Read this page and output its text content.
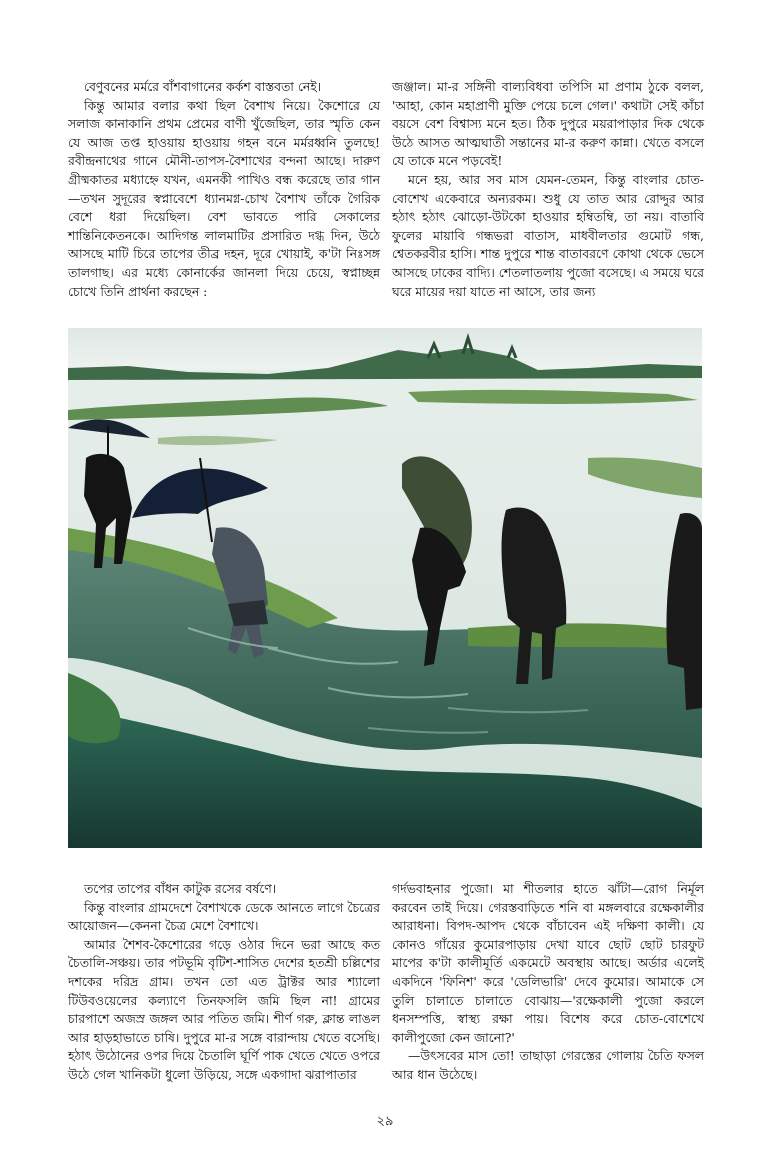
বেণুবনের মর্মরে বাঁশবাগানের কর্কশ বাস্তবতা নেই।

কিন্তু আমার বলার কথা ছিল বৈশাখ নিয়ে। কৈশোরে যে সলাজ কানাকানি প্রথম প্রেমের বাণী খুঁজেছিল, তার স্মৃতি কেন যে আজ তপ্ত হাওয়ায় হাওয়ায় গহন বনে মর্মরধ্বনি তুলছে! রবীন্দ্রনাথের গানে মৌনী-তাপস-বৈশাখের বন্দনা আছে। দারুণ গ্রীষ্মকাতর মধ্যাহ্নে যখন, এমনকী পাখিও বন্ধ করেছে তার গান—তখন সুদূরের স্বপ্নাবেশে ধ্যানমগ্ন-চোখ বৈশাখ তাঁকে গৈরিক বেশে ধরা দিয়েছিল। বেশ ভাবতে পারি সেকালের শান্তিনিকেতনকে। আদিগন্ত লালমাটির প্রসারিত দগ্ধ দিন, উঠে আসছে মাটি চিরে তাপের তীব্র দহন, দূরে খোয়াই, ক'টা নিঃসঙ্গ তালগাছ। এর মধ্যে কোনার্কের জানলা দিয়ে চেয়ে, স্বপ্নাচ্ছন্ন চোখে তিনি প্রার্থনা করছেন :

জঞ্জাল। মা-র সঙ্গিনী বাল্যবিধবা তপিসি মা প্রণাম ঠুকে বলল, 'আহা, কোন মহাপ্রাণী মুক্তি পেয়ে চলে গেল।' কথাটা সেই কাঁচা বয়সে বেশ বিশ্বাস্য মনে হত। ঠিক দুপুরে ময়রাপাড়ার দিক থেকে উঠে আসত আত্মঘাতী সন্তানের মা-র করুণ কান্না। খেতে বসলে যে তাকে মনে পড়বেই!

মনে হয়, আর সব মাস যেমন-তেমন, কিন্তু বাংলার চোত-বোশেখ একেবারে অন্যরকম। শুধু যে তাত আর রোদ্দুর আর হঠাৎ হঠাৎ ঝোড়ো-উটকো হাওয়ার হম্বিতম্বি, তা নয়। বাতাবি ফুলের মায়াবি গন্ধভরা বাতাস, মাধবীলতার গুমোট গন্ধ, শ্বেতকরবীর হাসি। শান্ত দুপুরে শান্ত বাতাবরণে কোথা থেকে ভেসে আসছে ঢাকের বাদ্যি। শেতলাতলায় পুজো বসেছে। এ সময়ে ঘরে ঘরে মায়ের দয়া যাতে না আসে, তার জন্য

তপের তাপের বাঁধন কাটুক রসের বর্ষণে।

কিন্তু বাংলার গ্রামদেশে বৈশাখকে ডেকে আনতে লাগে চৈত্রের আয়োজন—কেননা চৈত্র মেশে বৈশাখে।

আমার শৈশব-কৈশোরের গড়ে ওঠার দিনে ভরা আছে কত চৈতালি-সঞ্চয়। তার পটভূমি বৃটিশ-শাসিত দেশের হতশ্রী চল্লিশের দশকের দরিদ্র গ্রাম। তখন তো এত ট্রাক্টর আর শ্যালো টিউবওয়েলের কল্যাণে তিনফসলি জমি ছিল না! গ্রামের চারপাশে অজস্র জঙ্গল আর পতিত জমি। শীর্ণ গরু, ক্লান্ত লাঙল আর হাড়হাভাতে চাষি। দুপুরে মা-র সঙ্গে বারান্দায় খেতে বসেছি। হঠাৎ উঠোনের ওপর দিয়ে চৈতালি ঘূর্ণি পাক খেতে খেতে ওপরে উঠে গেল খানিকটা ধুলো উড়িয়ে, সঙ্গে একগাদা ঝরাপাতার

গর্দভবাহনার পুজো। মা শীতলার হাতে ঝাঁটা—রোগ নির্মূল করবেন তাই দিয়ে। গেরস্তবাড়িতে শনি বা মঙ্গলবারে রক্ষেকালীর আরাধনা। বিপদ-আপদ থেকে বাঁচাবেন এই দক্ষিণা কালী। যে কোনও গাঁয়ের কুমোরপাড়ায় দেখা যাবে ছোট ছোট চারফুট মাপের ক'টা কালীমূর্তি একমেটে অবস্থায় আছে। অর্ডার এলেই একদিনে 'ফিনিশ' করে 'ডেলিভারি' দেবে কুমোর। আমাকে সে তুলি চালাতে চালাতে বোঝায়—'রক্ষেকালী পুজো করলে ধনসম্পত্তি, স্বাস্থ্য রক্ষা পায়। বিশেষ করে চোত-বোশেখে কালীপুজো কেন জানো?'

—উৎসবের মাস তো! তাছাড়া গেরস্তের গোলায় চৈতি ফসল আর ধান উঠেছে।

২৯
